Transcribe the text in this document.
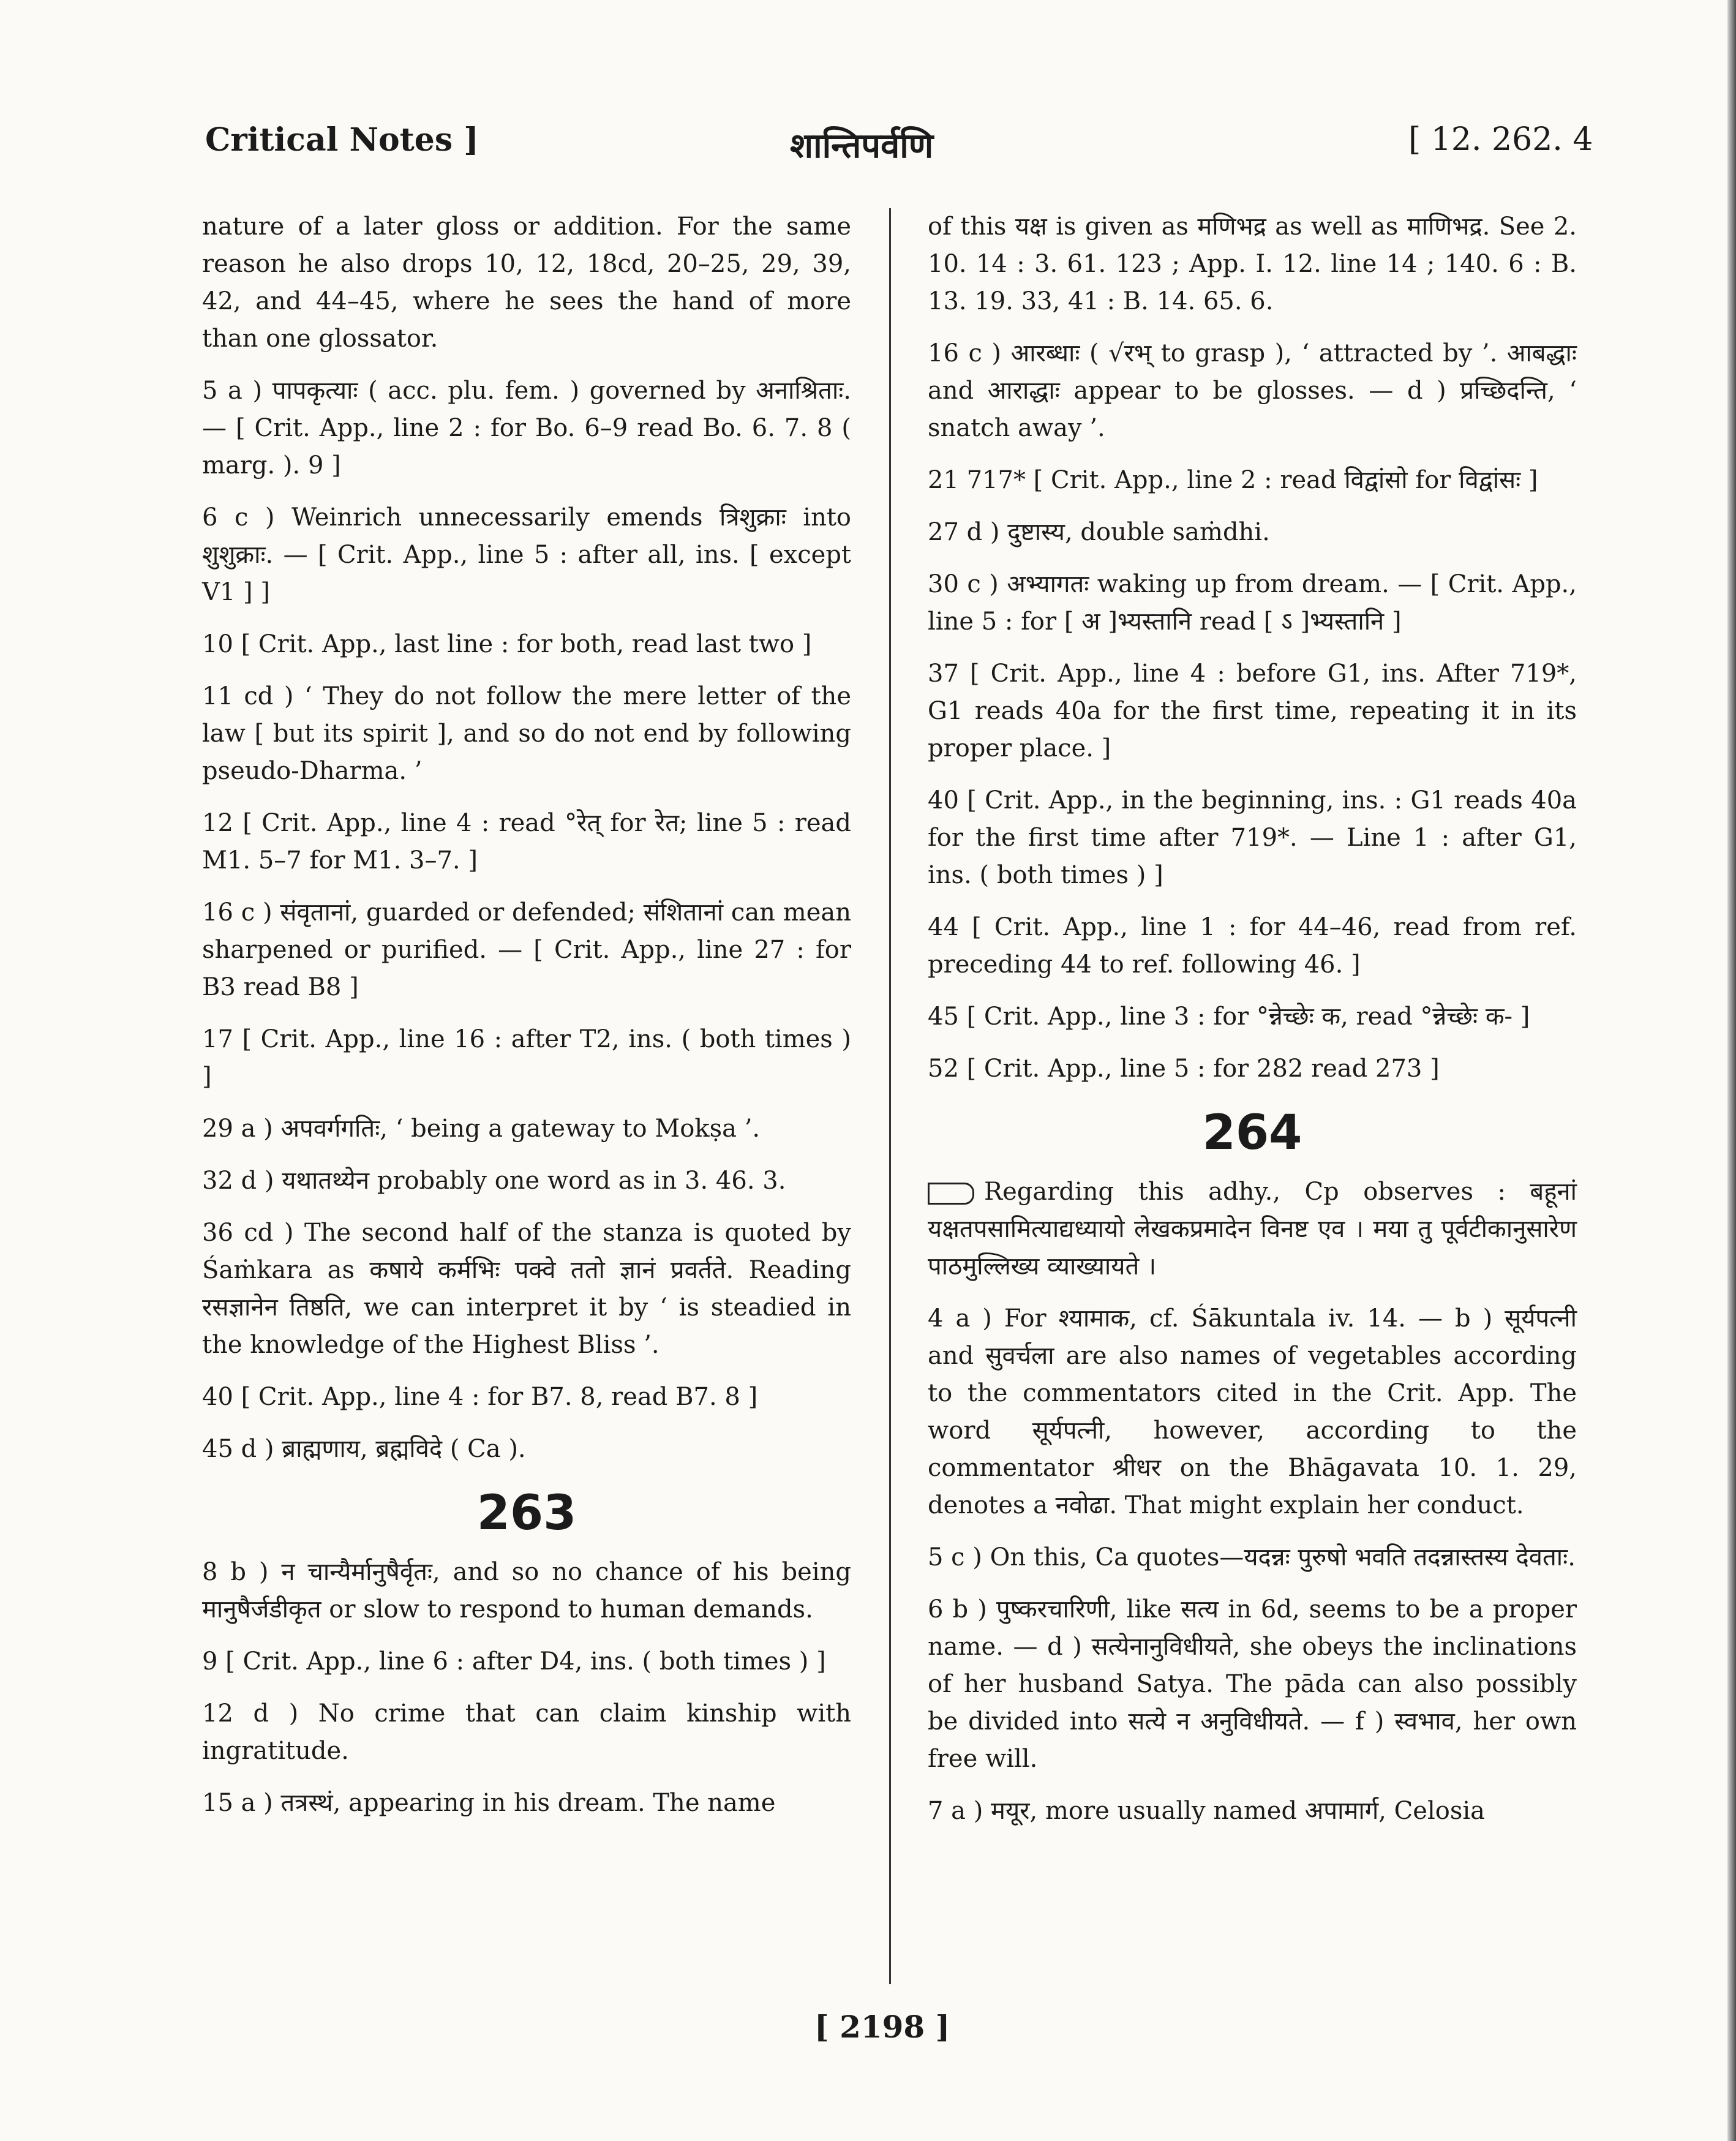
Critical Notes ]	शान्तिपर्वणि	[ 12. 262. 4
nature of a later gloss or addition. For the same reason he also drops 10, 12, 18cd, 20–25, 29, 39, 42, and 44–45, where he sees the hand of more than one glossator.
5 a ) पापकृत्याः ( acc. plu. fem. ) governed by अनाश्रिताः. — [ Crit. App., line 2 : for Bo. 6–9 read Bo. 6. 7. 8 ( marg. ). 9 ]
6 c ) Weinrich unnecessarily emends त्रिशुक्राः into शुशुक्राः. — [ Crit. App., line 5 : after all, ins. [ except V1 ] ]
10 [ Crit. App., last line : for both, read last two ]
11 cd ) ‘ They do not follow the mere letter of the law [ but its spirit ], and so do not end by following pseudo-Dharma. ’
12 [ Crit. App., line 4 : read °रेत् for रेत; line 5 : read M1. 5–7 for M1. 3–7. ]
16 c ) संवृतानां, guarded or defended; संशितानां can mean sharpened or purified. — [ Crit. App., line 27 : for B3 read B8 ]
17 [ Crit. App., line 16 : after T2, ins. ( both times ) ]
29 a ) अपवर्गगतिः, ‘ being a gateway to Mokṣa ’.
32 d ) यथातथ्येन probably one word as in 3. 46. 3.
36 cd ) The second half of the stanza is quoted by Śaṁkara as कषाये कर्मभिः पक्वे ततो ज्ञानं प्रवर्तते. Reading रसज्ञानेन तिष्ठति, we can interpret it by ‘ is steadied in the knowledge of the Highest Bliss ’.
40 [ Crit. App., line 4 : for B7. 8, read B7. 8 ]
45 d ) ब्राह्मणाय, ब्रह्मविदे ( Ca ).
263
8 b ) न चान्यैर्मानुषैर्वृतः, and so no chance of his being मानुषैर्जडीकृत or slow to respond to human demands.
9 [ Crit. App., line 6 : after D4, ins. ( both times ) ]
12 d ) No crime that can claim kinship with ingratitude.
15 a ) तत्रस्थं, appearing in his dream. The name
of this यक्ष is given as मणिभद्र as well as माणिभद्र. See 2. 10. 14 : 3. 61. 123 ; App. I. 12. line 14 ; 140. 6 : B. 13. 19. 33, 41 : B. 14. 65. 6.
16 c ) आरब्धाः ( √रभ् to grasp ), ‘ attracted by ’. आबद्धाः and आराद्धाः appear to be glosses. — d ) प्रच्छिदन्ति, ‘ snatch away ’.
21 717* [ Crit. App., line 2 : read विद्वांसो for विद्वांसः ]
27 d ) दुष्टास्य, double saṁdhi.
30 c ) अभ्यागतः waking up from dream. — [ Crit. App., line 5 : for [ अ ]भ्यस्तानि read [ ऽ ]भ्यस्तानि ]
37 [ Crit. App., line 4 : before G1, ins. After 719*, G1 reads 40a for the first time, repeating it in its proper place. ]
40 [ Crit. App., in the beginning, ins. : G1 reads 40a for the first time after 719*. — Line 1 : after G1, ins. ( both times ) ]
44 [ Crit. App., line 1 : for 44–46, read from ref. preceding 44 to ref. following 46. ]
45 [ Crit. App., line 3 : for °न्नेच्छेः क, read °न्नेच्छेः क- ]
52 [ Crit. App., line 5 : for 282 read 273 ]
264
Regarding this adhy., Cp observes : बहूनां यक्षतपसामित्याद्यध्यायो लेखकप्रमादेन विनष्ट एव । मया तु पूर्वटीकानुसारेण पाठमुल्लिख्य व्याख्यायते ।
4 a ) For श्यामाक, cf. Śākuntala iv. 14. — b ) सूर्यपत्नी and सुवर्चला are also names of vegetables according to the commentators cited in the Crit. App. The word सूर्यपत्नी, however, according to the commentator श्रीधर on the Bhāgavata 10. 1. 29, denotes a नवोढा. That might explain her conduct.
5 c ) On this, Ca quotes—यदन्नः पुरुषो भवति तदन्नास्तस्य देवताः.
6 b ) पुष्करचारिणी, like सत्य in 6d, seems to be a proper name. — d ) सत्येनानुविधीयते, she obeys the inclinations of her husband Satya. The pāda can also possibly be divided into सत्ये न अनुविधीयते. — f ) स्वभाव, her own free will.
7 a ) मयूर, more usually named अपामार्ग, Celosia
[ 2198 ]
